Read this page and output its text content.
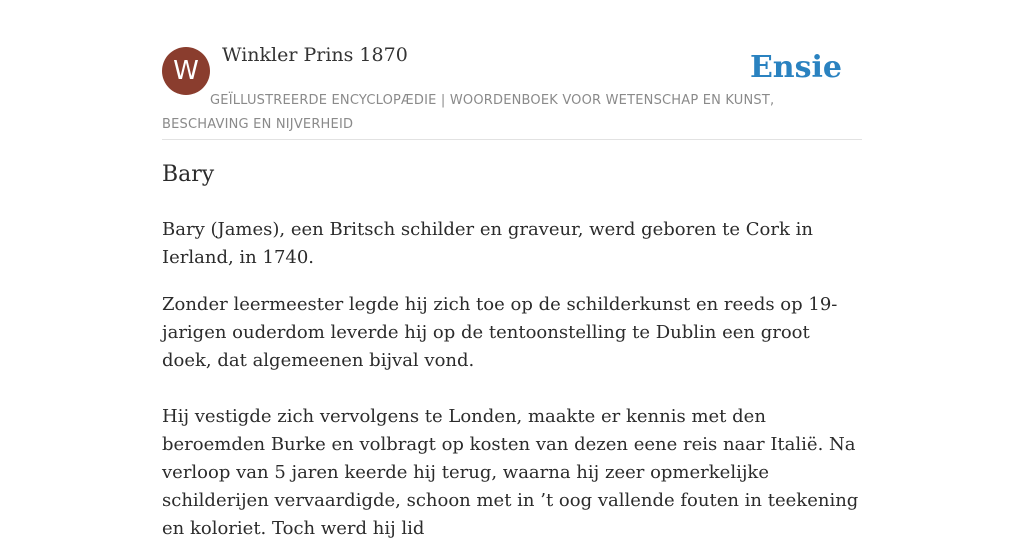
W
Winkler Prins 1870	Ensie
GEÏLLUSTREERDE ENCYCLOPÆDIE | WOORDENBOEK VOOR WETENSCHAP EN KUNST, BESCHAVING EN NIJVERHEID
Bary

Bary (James), een Britsch schilder en graveur, werd geboren te Cork in Ierland, in 1740.

Zonder leermeester legde hij zich toe op de schilderkunst en reeds op 19-jarigen ouderdom leverde hij op de tentoonstelling te Dublin een groot doek, dat algemeenen bijval vond.

Hij vestigde zich vervolgens te Londen, maakte er kennis met den beroemden Burke en volbragt op kosten van dezen eene reis naar Italië. Na verloop van 5 jaren keerde hij terug, waarna hij zeer opmerkelijke schilderijen vervaardigde, schoon met in ’t oog vallende fouten in teekening en koloriet. Toch werd hij lid
